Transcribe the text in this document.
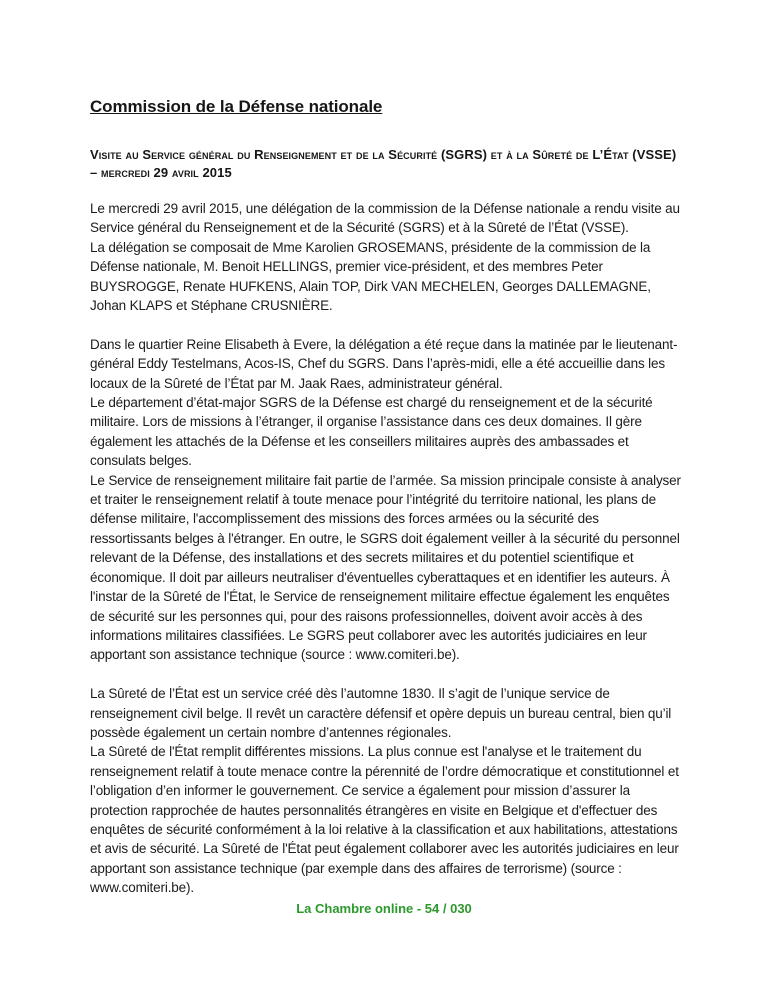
Commission de la Défense nationale
Visite au Service général du Renseignement et de la Sécurité (SGRS) et à la Sûreté de L’État (VSSE) – mercredi 29 avril 2015
Le mercredi 29 avril 2015, une délégation de la commission de la Défense nationale a rendu visite au Service général du Renseignement et de la Sécurité (SGRS) et à la Sûreté de l’État (VSSE).
La délégation se composait de Mme Karolien GROSEMANS, présidente de la commission de la Défense nationale, M. Benoit HELLINGS, premier vice-président, et des membres Peter BUYSROGGE, Renate HUFKENS, Alain TOP, Dirk VAN MECHELEN, Georges DALLEMAGNE, Johan KLAPS et Stéphane CRUSNIÈRE.
Dans le quartier Reine Elisabeth à Evere, la délégation a été reçue dans la matinée par le lieutenant-général Eddy Testelmans, Acos-IS, Chef du SGRS. Dans l’après-midi, elle a été accueillie dans les locaux de la Sûreté de l’État par M. Jaak Raes, administrateur général.
Le département d’état-major SGRS de la Défense est chargé du renseignement et de la sécurité militaire. Lors de missions à l’étranger, il organise l’assistance dans ces deux domaines. Il gère également les attachés de la Défense et les conseillers militaires auprès des ambassades et consulats belges.
Le Service de renseignement militaire fait partie de l’armée. Sa mission principale consiste à analyser et traiter le renseignement relatif à toute menace pour l’intégrité du territoire national, les plans de défense militaire, l'accomplissement des missions des forces armées ou la sécurité des ressortissants belges à l'étranger. En outre, le SGRS doit également veiller à la sécurité du personnel relevant de la Défense, des installations et des secrets militaires et du potentiel scientifique et économique. Il doit par ailleurs neutraliser d'éventuelles cyberattaques et en identifier les auteurs. À l'instar de la Sûreté de l'État, le Service de renseignement militaire effectue également les enquêtes de sécurité sur les personnes qui, pour des raisons professionnelles, doivent avoir accès à des informations militaires classifiées. Le SGRS peut collaborer avec les autorités judiciaires en leur apportant son assistance technique (source : www.comiteri.be).
La Sûreté de l’État est un service créé dès l’automne 1830. Il s’agit de l’unique service de renseignement civil belge. Il revêt un caractère défensif et opère depuis un bureau central, bien qu’il possède également un certain nombre d’antennes régionales.
La Sûreté de l'État remplit différentes missions. La plus connue est l'analyse et le traitement du renseignement relatif à toute menace contre la pérennité de l’ordre démocratique et constitutionnel et l’obligation d’en informer le gouvernement. Ce service a également pour mission d’assurer la protection rapprochée de hautes personnalités étrangères en visite en Belgique et d'effectuer des enquêtes de sécurité conformément à la loi relative à la classification et aux habilitations, attestations et avis de sécurité. La Sûreté de l'État peut également collaborer avec les autorités judiciaires en leur apportant son assistance technique (par exemple dans des affaires de terrorisme) (source : www.comiteri.be).
La Chambre online - 54 / 030
